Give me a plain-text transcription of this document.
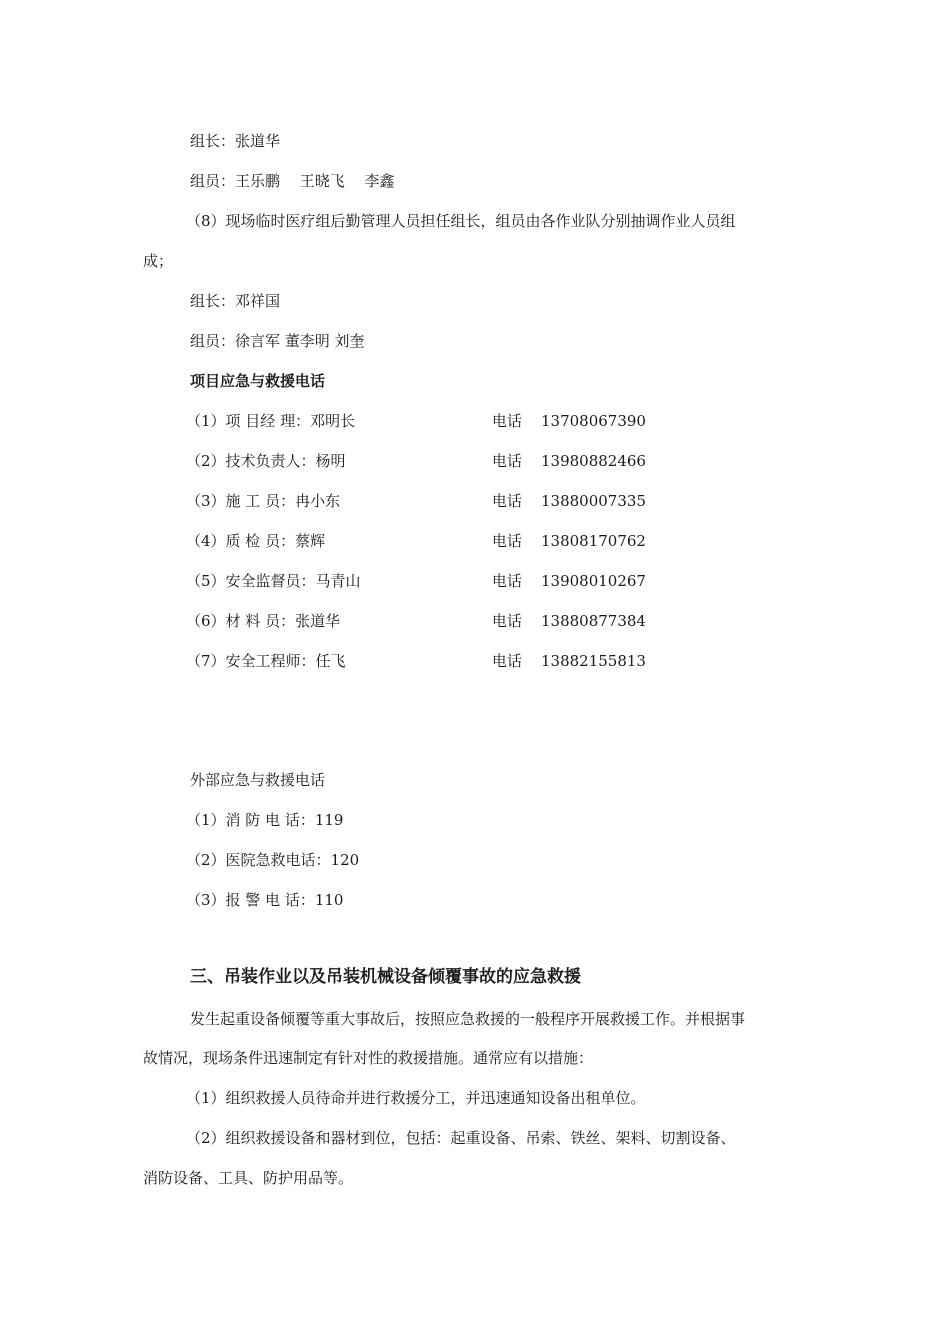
组长：张道华
组员：王乐鹏　 王晓飞　 李鑫
（8）现场临时医疗组后勤管理人员担任组长，组员由各作业队分别抽调作业人员组
成；
组长：邓祥国
组员：徐言军 董李明 刘奎
项目应急与救援电话
（1）项 目经 理：邓明长	电话 13708067390
（2）技术负责人：杨明	电话 13980882466
（3）施 工 员：冉小东	电话 13880007335
（4）质 检 员：蔡辉	电话 13808170762
（5）安全监督员：马青山	电话 13908010267
（6）材 料 员：张道华	电话 13880877384
（7）安全工程师：任飞	电话 13882155813
外部应急与救援电话
（1）消 防 电 话：119
（2）医院急救电话：120
（3）报 警 电 话：110
三、吊装作业以及吊装机械设备倾覆事故的应急救援
发生起重设备倾覆等重大事故后，按照应急救援的一般程序开展救援工作。并根据事
故情况，现场条件迅速制定有针对性的救援措施。通常应有以措施：
（1）组织救援人员待命并进行救援分工，并迅速通知设备出租单位。
（2）组织救援设备和器材到位，包括：起重设备、吊索、铁丝、架料、切割设备、
消防设备、工具、防护用品等。
